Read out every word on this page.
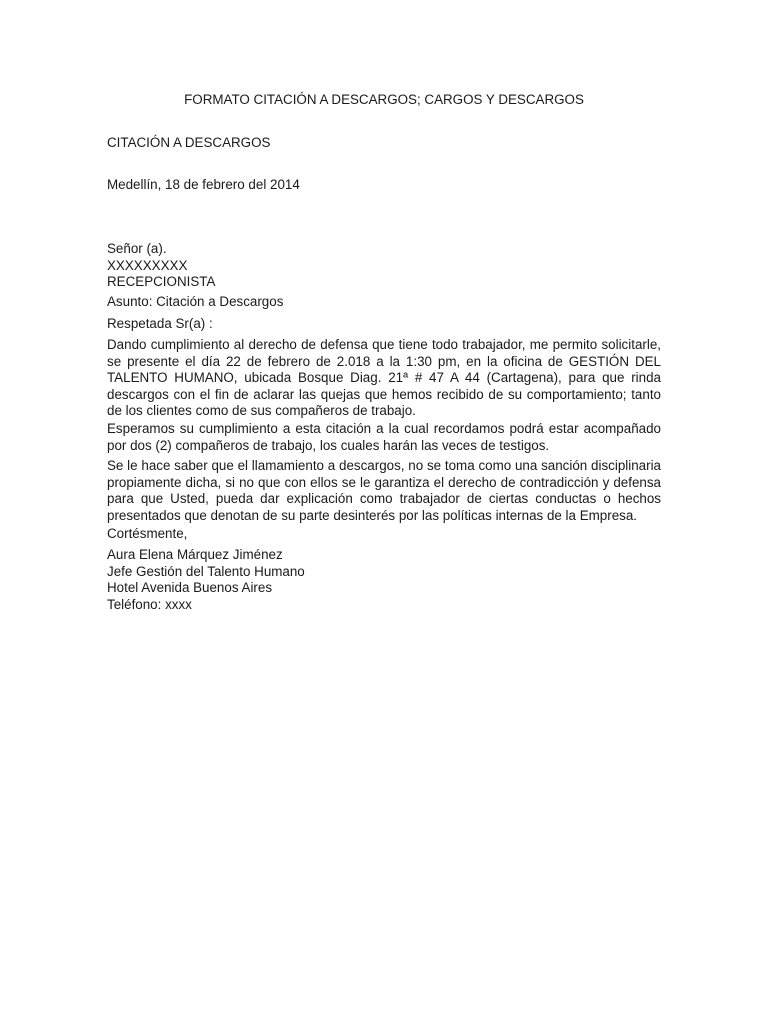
FORMATO CITACIÓN A DESCARGOS; CARGOS Y DESCARGOS

CITACIÓN A DESCARGOS

Medellín, 18 de febrero del 2014

Señor (a).
XXXXXXXXX
RECEPCIONISTA

Asunto: Citación a Descargos

Respetada Sr(a) :

Dando cumplimiento al derecho de defensa que tiene todo trabajador, me permito solicitarle, se presente el día 22 de febrero de 2.018 a la 1:30 pm, en la oficina de GESTIÓN DEL TALENTO HUMANO, ubicada Bosque Diag. 21ª # 47 A 44 (Cartagena), para que rinda descargos con el fin de aclarar las quejas que hemos recibido de su comportamiento; tanto de los clientes como de sus compañeros de trabajo.

Esperamos su cumplimiento a esta citación a la cual recordamos podrá estar acompañado por dos (2) compañeros de trabajo, los cuales harán las veces de testigos.

Se le hace saber que el llamamiento a descargos, no se toma como una sanción disciplinaria propiamente dicha, si no que con ellos se le garantiza el derecho de contradicción y defensa para que Usted, pueda dar explicación como trabajador de ciertas conductas o hechos presentados que denotan de su parte desinterés por las políticas internas de la Empresa.

Cortésmente,

Aura Elena Márquez Jiménez
Jefe Gestión del Talento Humano
Hotel Avenida Buenos Aires
Teléfono: xxxx
